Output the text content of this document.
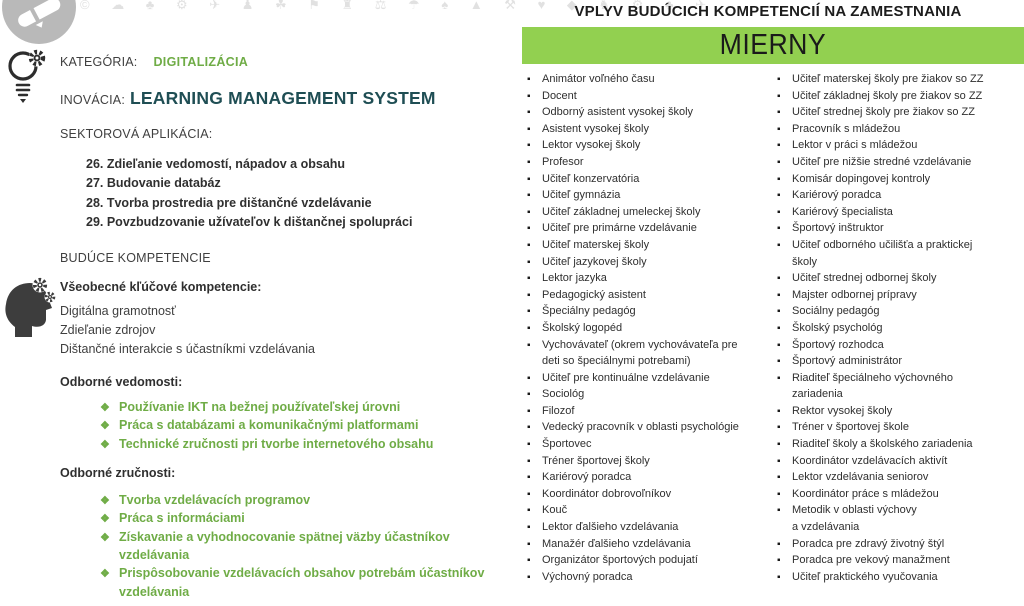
© ☁ ♣ ⚙ ✈ ♟ ☘ ⚑ ♜ ⚖ ☂ ♠ ▲ ⚒ ♥ ◆ ♞ ⚙ ♣ ✈
KATEGÓRIA: DIGITALIZÁCIA
INOVÁCIA: LEARNING MANAGEMENT SYSTEM
SEKTOROVÁ APLIKÁCIA:
26. Zdieľanie vedomostí, nápadov a obsahu
27. Budovanie databáz
28. Tvorba prostredia pre dištančné vzdelávanie
29. Povzbudzovanie užívateľov k dištančnej spolupráci
BUDÚCE KOMPETENCIE
Všeobecné kľúčové kompetencie:
Digitálna gramotnosť
Zdieľanie zdrojov
Dištančné interakcie s účastníkmi vzdelávania
Odborné vedomosti:
❖
Používanie IKT na bežnej používateľskej úrovni
❖
Práca s databázami a komunikačnými platformami
❖
Technické zručnosti pri tvorbe internetového obsahu
Odborné zručnosti:
❖
Tvorba vzdelávacích programov
❖
Práca s informáciami
❖
Získavanie a vyhodnocovanie spätnej väzby účastníkov vzdelávania
❖
Prispôsobovanie vzdelávacích obsahov potrebám účastníkov
vzdelávania
VPLYV BUDÚCICH KOMPETENCIÍ NA ZAMESTNANIA
MIERNY
▪
Animátor voľného času
▪
Docent
▪
Odborný asistent vysokej školy
▪
Asistent vysokej školy
▪
Lektor vysokej školy
▪
Profesor
▪
Učiteľ konzervatória
▪
Učiteľ gymnázia
▪
Učiteľ základnej umeleckej školy
▪
Učiteľ pre primárne vzdelávanie
▪
Učiteľ materskej školy
▪
Učiteľ jazykovej školy
▪
Lektor jazyka
▪
Pedagogický asistent
▪
Špeciálny pedagóg
▪
Školský logopéd
▪
Vychovávateľ (okrem vychovávateľa pre
deti so špeciálnymi potrebami)
▪
Učiteľ pre kontinuálne vzdelávanie
▪
Sociológ
▪
Filozof
▪
Vedecký pracovník v oblasti psychológie
▪
Športovec
▪
Tréner športovej školy
▪
Kariérový poradca
▪
Koordinátor dobrovoľníkov
▪
Kouč
▪
Lektor ďalšieho vzdelávania
▪
Manažér ďalšieho vzdelávania
▪
Organizátor športových podujatí
▪
Výchovný poradca
▪
Učiteľ materskej školy pre žiakov so ZZ
▪
Učiteľ základnej školy pre žiakov so ZZ
▪
Učiteľ strednej školy pre žiakov so ZZ
▪
Pracovník s mládežou
▪
Lektor v práci s mládežou
▪
Učiteľ pre nižšie stredné vzdelávanie
▪
Komisár dopingovej kontroly
▪
Kariérový poradca
▪
Kariérový špecialista
▪
Športový inštruktor
▪
Učiteľ odborného učilišťa a praktickej
školy
▪
Učiteľ strednej odbornej školy
▪
Majster odbornej prípravy
▪
Sociálny pedagóg
▪
Školský psychológ
▪
Športový rozhodca
▪
Športový administrátor
▪
Riaditeľ špeciálneho výchovného
zariadenia
▪
Rektor vysokej školy
▪
Tréner v športovej škole
▪
Riaditeľ školy a školského zariadenia
▪
Koordinátor vzdelávacích aktivít
▪
Lektor vzdelávania seniorov
▪
Koordinátor práce s mládežou
▪
Metodik v oblasti výchovy
a vzdelávania
▪
Poradca pre zdravý životný štýl
▪
Poradca pre vekový manažment
▪
Učiteľ praktického vyučovania
